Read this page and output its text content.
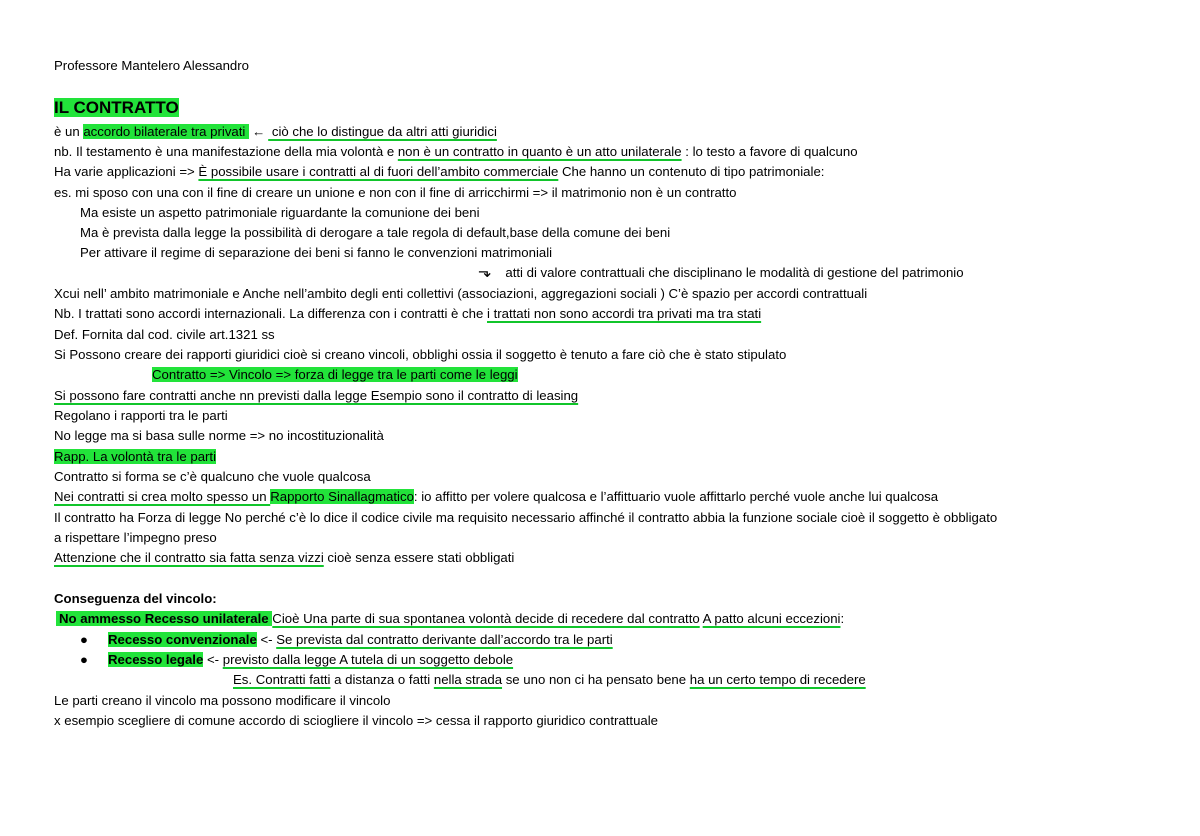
Professore Mantelero Alessandro
IL CONTRATTO
è un accordo bilaterale tra privati ← ciò che lo distingue da altri atti giuridici
nb. Il testamento è una manifestazione della mia volontà e non è un contratto in quanto è un atto unilaterale : lo testo a favore di qualcuno
Ha varie applicazioni => È possibile usare i contratti al di fuori dell’ambito commerciale Che hanno un contenuto di tipo patrimoniale:
es. mi sposo con una con il fine di creare un unione e non con il fine di arricchirmi => il matrimonio non è un contratto
Ma esiste un aspetto patrimoniale riguardante la comunione dei beni
Ma è prevista dalla legge la possibilità di derogare a tale regola di default,base della comune dei beni
Per attivare il regime di separazione dei beni si fanno le convenzioni matrimoniali
⬎ atti di valore contrattuali che disciplinano le modalità di gestione del patrimonio
Xcui nell’ ambito matrimoniale e Anche nell’ambito degli enti collettivi (associazioni, aggregazioni sociali ) C’è spazio per accordi contrattuali
Nb. I trattati sono accordi internazionali. La differenza con i contratti è che i trattati non sono accordi tra privati ma tra stati
Def. Fornita dal cod. civile art.1321 ss
Si Possono creare dei rapporti giuridici cioè si creano vincoli, obblighi ossia il soggetto è tenuto a fare ciò che è stato stipulato
Contratto => Vincolo => forza di legge tra le parti come le leggi
Si possono fare contratti anche nn previsti dalla legge Esempio sono il contratto di leasing
Regolano i rapporti tra le parti
No legge ma si basa sulle norme => no incostituzionalità
Rapp. La volontà tra le parti
Contratto si forma se c’è qualcuno che vuole qualcosa
Nei contratti si crea molto spesso un Rapporto Sinallagmatico: io affitto per volere qualcosa e l’affittuario vuole affittarlo perché vuole anche lui qualcosa
Il contratto ha Forza di legge No perché c’è lo dice il codice civile ma requisito necessario affinché il contratto abbia la funzione sociale cioè il soggetto è obbligato
a rispettare l’impegno preso
Attenzione che il contratto sia fatta senza vizzi cioè senza essere stati obbligati
Conseguenza del vincolo:
No ammesso Recesso unilaterale Cioè Una parte di sua spontanea volontà decide di recedere dal contratto A patto alcuni eccezioni:
● Recesso convenzionale <- Se prevista dal contratto derivante dall’accordo tra le parti
● Recesso legale <- previsto dalla legge A tutela di un soggetto debole
Es. Contratti fatti a distanza o fatti nella strada se uno non ci ha pensato bene ha un certo tempo di recedere
Le parti creano il vincolo ma possono modificare il vincolo
x esempio scegliere di comune accordo di sciogliere il vincolo => cessa il rapporto giuridico contrattuale
